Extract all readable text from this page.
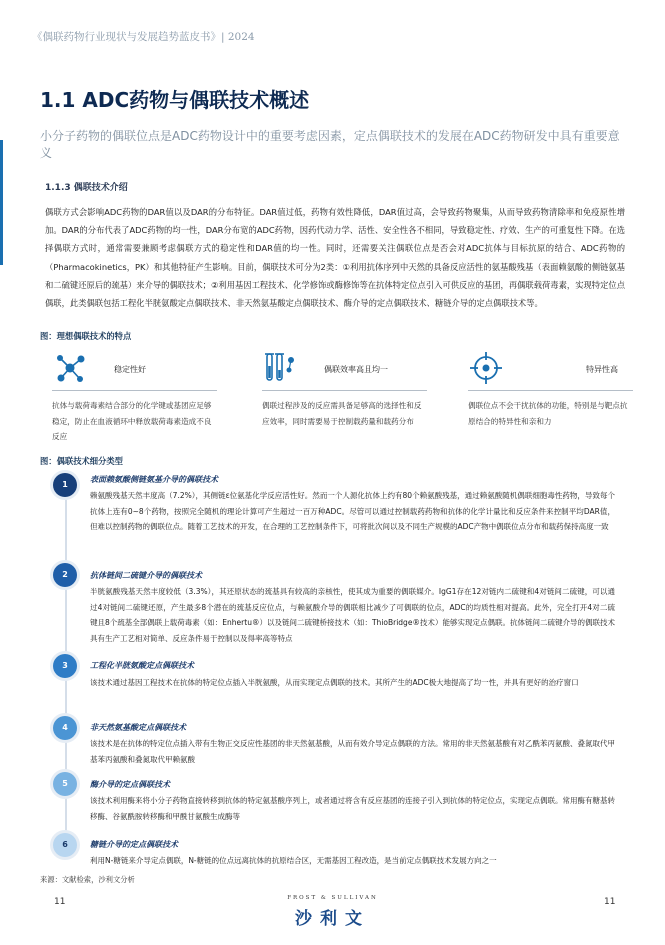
《偶联药物行业现状与发展趋势蓝皮书》| 2024
1.1 ADC药物与偶联技术概述

小分子药物的偶联位点是ADC药物设计中的重要考虑因素，定点偶联技术的发展在ADC药物研发中具有重要意义

1.1.3 偶联技术介绍

偶联方式会影响ADC药物的DAR值以及DAR的分布特征。DAR值过低，药物有效性降低，DAR值过高，会导致药物聚集，从而导致药物清除率和免疫原性增加。DAR的分布代表了ADC药物的均一性，DAR分布宽的ADC药物，因药代动力学、活性、安全性各不相同，导致稳定性、疗效、生产的可重复性下降。在选择偶联方式时，通常需要兼顾考虑偶联方式的稳定性和DAR值的均一性。同时，还需要关注偶联位点是否会对ADC抗体与目标抗原的结合、ADC药物的（Pharmacokinetics，PK）和其他特征产生影响。目前，偶联技术可分为2类：①利用抗体序列中天然的具备反应活性的氨基酸残基（表面赖氨酸的侧链氨基和二硫键还原后的巯基）来介导的偶联技术；②利用基因工程技术、化学修饰或酶修饰等在抗体特定位点引入可供反应的基团，再偶联载荷毒素，实现特定位点偶联，此类偶联包括工程化半胱氨酸定点偶联技术、非天然氨基酸定点偶联技术、酶介导的定点偶联技术、糖链介导的定点偶联技术等。

图：理想偶联技术的特点
稳定性好
抗体与载荷毒素结合部分的化学键或基团应足够稳定，防止在血液循环中释放载荷毒素造成不良反应
偶联效率高且均一
偶联过程涉及的反应需具备足够高的选择性和反应效率，同时需要易于控制载药量和载药分布
特异性高
偶联位点不会干扰抗体的功能，特别是与靶点抗原结合的特异性和亲和力
图：偶联技术细分类型
1
表面赖氨酸侧链氨基介导的偶联技术
赖氨酸残基天然丰度高（7.2%），其侧链ε位氨基化学反应活性好。然而一个人源化抗体上约有80个赖氨酸残基，通过赖氨酸随机偶联细胞毒性药物，导致每个抗体上连有0~8个药物，按照完全随机的理论计算可产生超过一百万种ADC。尽管可以通过控制载药药物和抗体的化学计量比和反应条件来控制平均DAR值，但难以控制药物的偶联位点。随着工艺技术的开发，在合理的工艺控制条件下，可将批次间以及不同生产规模的ADC产物中偶联位点分布和载药保持高度一致
2	抗体链间二硫键介导的偶联技术
半胱氨酸残基天然丰度较低（3.3%），其还原状态的巯基具有较高的亲核性，使其成为重要的偶联媒介。IgG1存在12对链内二硫键和4对链间二硫键，可以通过4对链间二硫键还原，产生最多8个潜在的巯基反应位点，与赖氨酸介导的偶联相比减少了可偶联的位点，ADC的均质性相对提高。此外，完全打开4对二硫键且8个巯基全部偶联上载荷毒素（如：Enhertu®）以及链间二硫键桥接技术（如：ThioBridge®技术）能够实现定点偶联。抗体链间二硫键介导的偶联技术具有生产工艺相对简单、反应条件易于控制以及得率高等特点
3	工程化半胱氨酸定点偶联技术
该技术通过基因工程技术在抗体的特定位点插入半胱氨酸，从而实现定点偶联的技术。其所产生的ADC极大地提高了均一性，并具有更好的治疗窗口
4	非天然氨基酸定点偶联技术
该技术是在抗体的特定位点插入带有生物正交反应性基团的非天然氨基酸，从而有效介导定点偶联的方法。常用的非天然氨基酸有对乙酰苯丙氨酸、叠氮取代甲基苯丙氨酸和叠氮取代甲赖氨酸
5	酶介导的定点偶联技术
该技术利用酶来将小分子药物直接转移到抗体的特定氨基酸序列上，或者通过将含有反应基团的连接子引入到抗体的特定位点，实现定点偶联。常用酶有糖基转移酶、谷氨酰胺转移酶和甲酰甘氨酸生成酶等
6	糖链介导的定点偶联技术
利用N-糖链来介导定点偶联，N-糖链的位点远离抗体的抗原结合区，无需基因工程改造，是当前定点偶联技术发展方向之一
来源：文献检索，沙利文分析
11	11
FROST & SULLIVAN
沙利文
